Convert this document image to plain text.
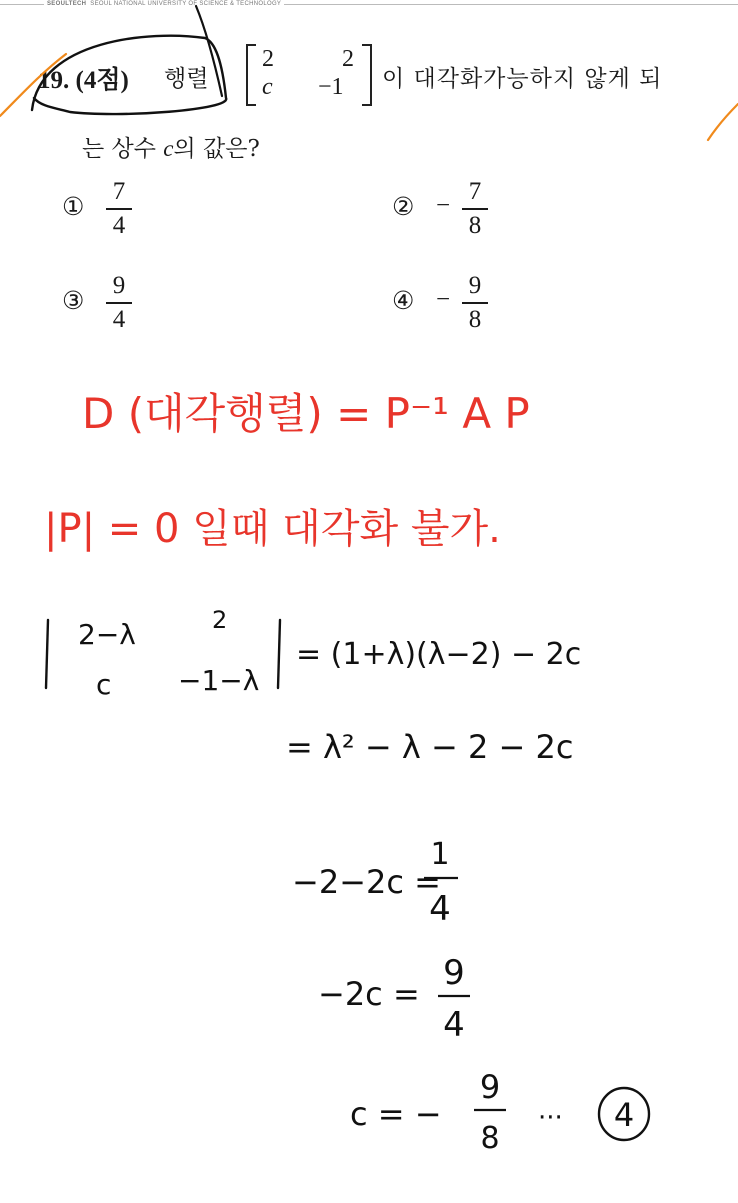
SEOULTECH SEOUL NATIONAL UNIVERSITY OF SCIENCE & TECHNOLOGY
19. (4점) 행렬
2	2
c −1 이 대각화가능하지 않게 되
는 상수 c의 값은?
①
7
4
② −
7
8
③
9
4
④ −
9
8
D (대각행렬) = P⁻¹ A P
|P| = 0 일때 대각화 불가.
2−λ	2
c −1−λ
= (1+λ)(λ−2) − 2c
= λ² − λ − 2 − 2c
−2−2c =
1
4
−2c =
9
4
c = −
9
8
··· 4
